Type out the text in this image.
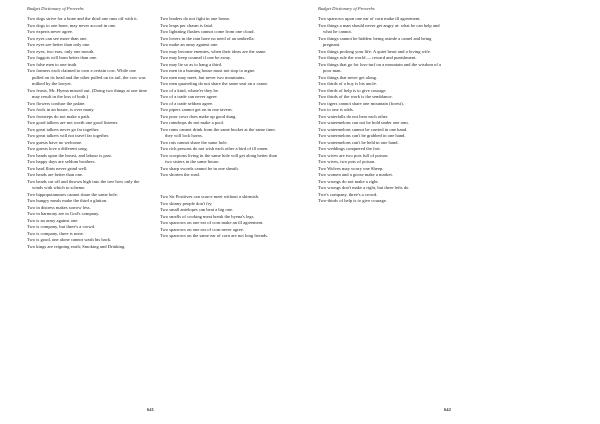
Budget Dictionary of Proverbs

Two dogs strive for a bone and the third one runs off with it.

Two dogs to one bone, may never accord in one.

Two experts never agree.

Two eyes can see more than one.

Two eyes see better than only one.

Two eyes, two ears, only one mouth.

Two faggots will burn better than one.

Two false men to one truth.

Two farmers each claimed to own a certain cow. While one pulled on its head and the other pulled on its tail, the cow was milked by the lawyer.

Two feasts, Mr. Hyena missed out. (Doing two things at one time may result in the loss of both.)

Two flowers confuse the palate.

Two fools in an house, is over many.

Two footsteps do not make a path.

Two good talkers are not worth one good listener.

Two great talkers never go far together.

Two great talkers will not travel far together.

Two guests have no welcome.

Two guests love a different song.

Two hands upon the breast, and labour is past.

Two happy days are seldom brothers.

Two hard flints never grind well.

Two heads are better than one.

Two heads cut off and thrown high into the tree how only the winds with which to scheme.

Two hippopotamuses cannot share the same hole.

Two hungry meals make the third a glutton.

Two in distress makes sorrow less.

Two in harmony are in God's company.

Two is an army against one.

Two is company, but three's a crowd.

Two is company, three is none.

Two is good, one alone cannot wash his back.

Two kings are reigning earth; Smoking and Drinking.

Two leaders do not fight in one house.

Two leaps per chasm is fatal.

Two lightning flashes cannot come from one cloud.

Two lovers in the rain have no need of an umbrella.

Two make an army against one.

Two may become enemies, when their ideas are the same.

Two may keep counsel if one be away.

Two may lie so as to hang a third.

Two men in a burning house must not stop to argue.

Two men may meet, but never two mountains.

Two men quarreling do not share the same seat on a canoe.

Two of a kind, whate'er they be.

Two of a trade can never agree.

Two of a trade seldom agree.

Two pipers cannot get on in one tavern.

Two poor cows does make up good dung.

Two raindrops do not make a pool.

Two rams cannot drink from the same bucket at the same time; they will lock horns.

Two rats cannot share the same hole.

Two rich persons do not wish each other a bird of ill omen.

Two scorpions living in the same hole will get along better than two sisters in the same house.

Two sharp swords cannot be in one sheath.

Two shorten the road.

Two Sir Positives can scarce meet without a skirmish.

Two skinny people don't fry.

Two small antelopes can beat a big one.

Two smells of cooking meat break the hyena's legs.

Two sparrows on one ear of corn make an ill agreement.

Two sparrows on one ear of corn never agree.

Two sparrows on the same ear of corn are not long friends.

641
Budget Dictionary of Proverbs

Two sparrows upon one ear of corn make ill agreement.

Two things a man should never get angry at: what he can help and what he cannot.

Two things cannot be hidden: being astride a camel and being pregnant.

Two things prolong your life: A quiet heart and a loving wife.

Two things rule the world — reward and punishment.

Two things that go for loss-turf on a mountain and the wisdom of a poor man.

Two things that never get along.

Two thirds of a boy is his uncle.

Two thirds of help is to give courage.

Two thirds of the work is the semblance.

Two tigers cannot share one mountain (forest).

Two to one is odds.

Two waterfalls do not hear each other.

Two watermelons can not be hold under one arm.

Two watermelons cannot be carried in one hand.

Two watermelons can't be grabbed in one hand.

Two watermelons can't be held in one hand.

Two weddings conquered the fort.

Two wives are two pots full of poison.

Two wives, two pots of poison.

Two Wolves may worry one Sheep.

Two women and a goose make a market.

Two wrongs do not make a right.

Two wrongs don't make a right, but three lefts do.

Two's company, three's a crowd.

Two-thirds of help is to give courage.

642
